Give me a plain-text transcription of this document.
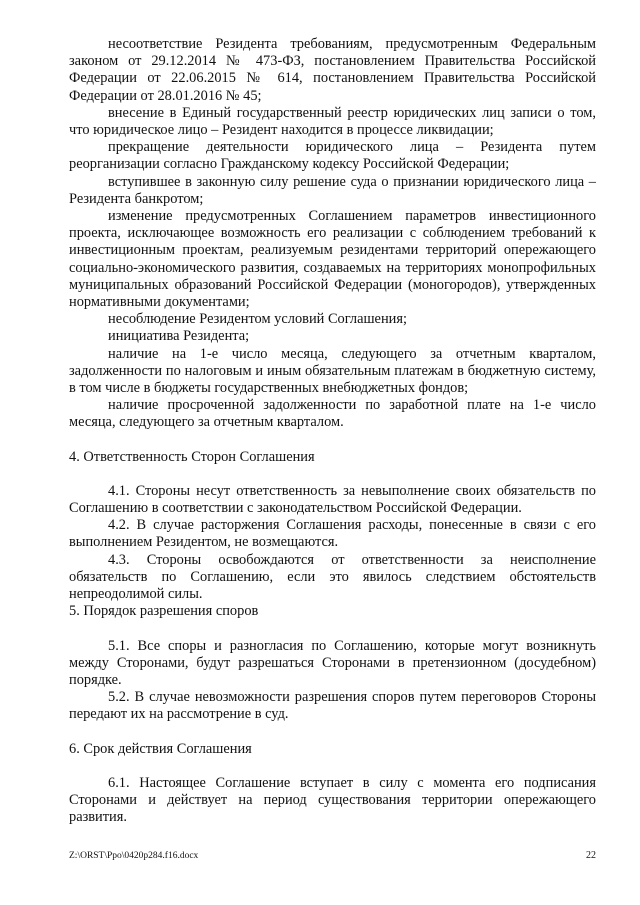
несоответствие Резидента требованиям, предусмотренным Федеральным законом от 29.12.2014 № 473-ФЗ, постановлением Правительства Российской Федерации от 22.06.2015 № 614, постановлением Правительства Российской Федерации от 28.01.2016 № 45;

внесение в Единый государственный реестр юридических лиц записи о том, что юридическое лицо – Резидент находится в процессе ликвидации;

прекращение деятельности юридического лица – Резидента путем реорганизации согласно Гражданскому кодексу Российской Федерации;

вступившее в законную силу решение суда о признании юридического лица – Резидента банкротом;

изменение предусмотренных Соглашением параметров инвестиционного проекта, исключающее возможность его реализации с соблюдением требований к инвестиционным проектам, реализуемым резидентами территорий опережающего социально-экономического развития, создаваемых на территориях монопрофильных муниципальных образований Российской Федерации (моногородов), утвержденных нормативными документами;

несоблюдение Резидентом условий Соглашения;

инициатива Резидента;

наличие на 1-е число месяца, следующего за отчетным кварталом, задолженности по налоговым и иным обязательным платежам в бюджетную систему, в том числе в бюджеты государственных внебюджетных фондов;

наличие просроченной задолженности по заработной плате на 1-е число месяца, следующего за отчетным кварталом.

4. Ответственность Сторон Соглашения

4.1. Стороны несут ответственность за невыполнение своих обязательств по Соглашению в соответствии с законодательством Российской Федерации.

4.2. В случае расторжения Соглашения расходы, понесенные в связи с его выполнением Резидентом, не возмещаются.

4.3. Стороны освобождаются от ответственности за неисполнение обязательств по Соглашению, если это явилось следствием обстоятельств непреодолимой силы.

5. Порядок разрешения споров

5.1. Все споры и разногласия по Соглашению, которые могут возникнуть между Сторонами, будут разрешаться Сторонами в претензионном (досудебном) порядке.

5.2. В случае невозможности разрешения споров путем переговоров Стороны передают их на рассмотрение в суд.

6. Срок действия Соглашения

6.1. Настоящее Соглашение вступает в силу с момента его подписания Сторонами и действует на период существования территории опережающего развития.

Z:\ORST\Ppo\0420p284.f16.docx	22
